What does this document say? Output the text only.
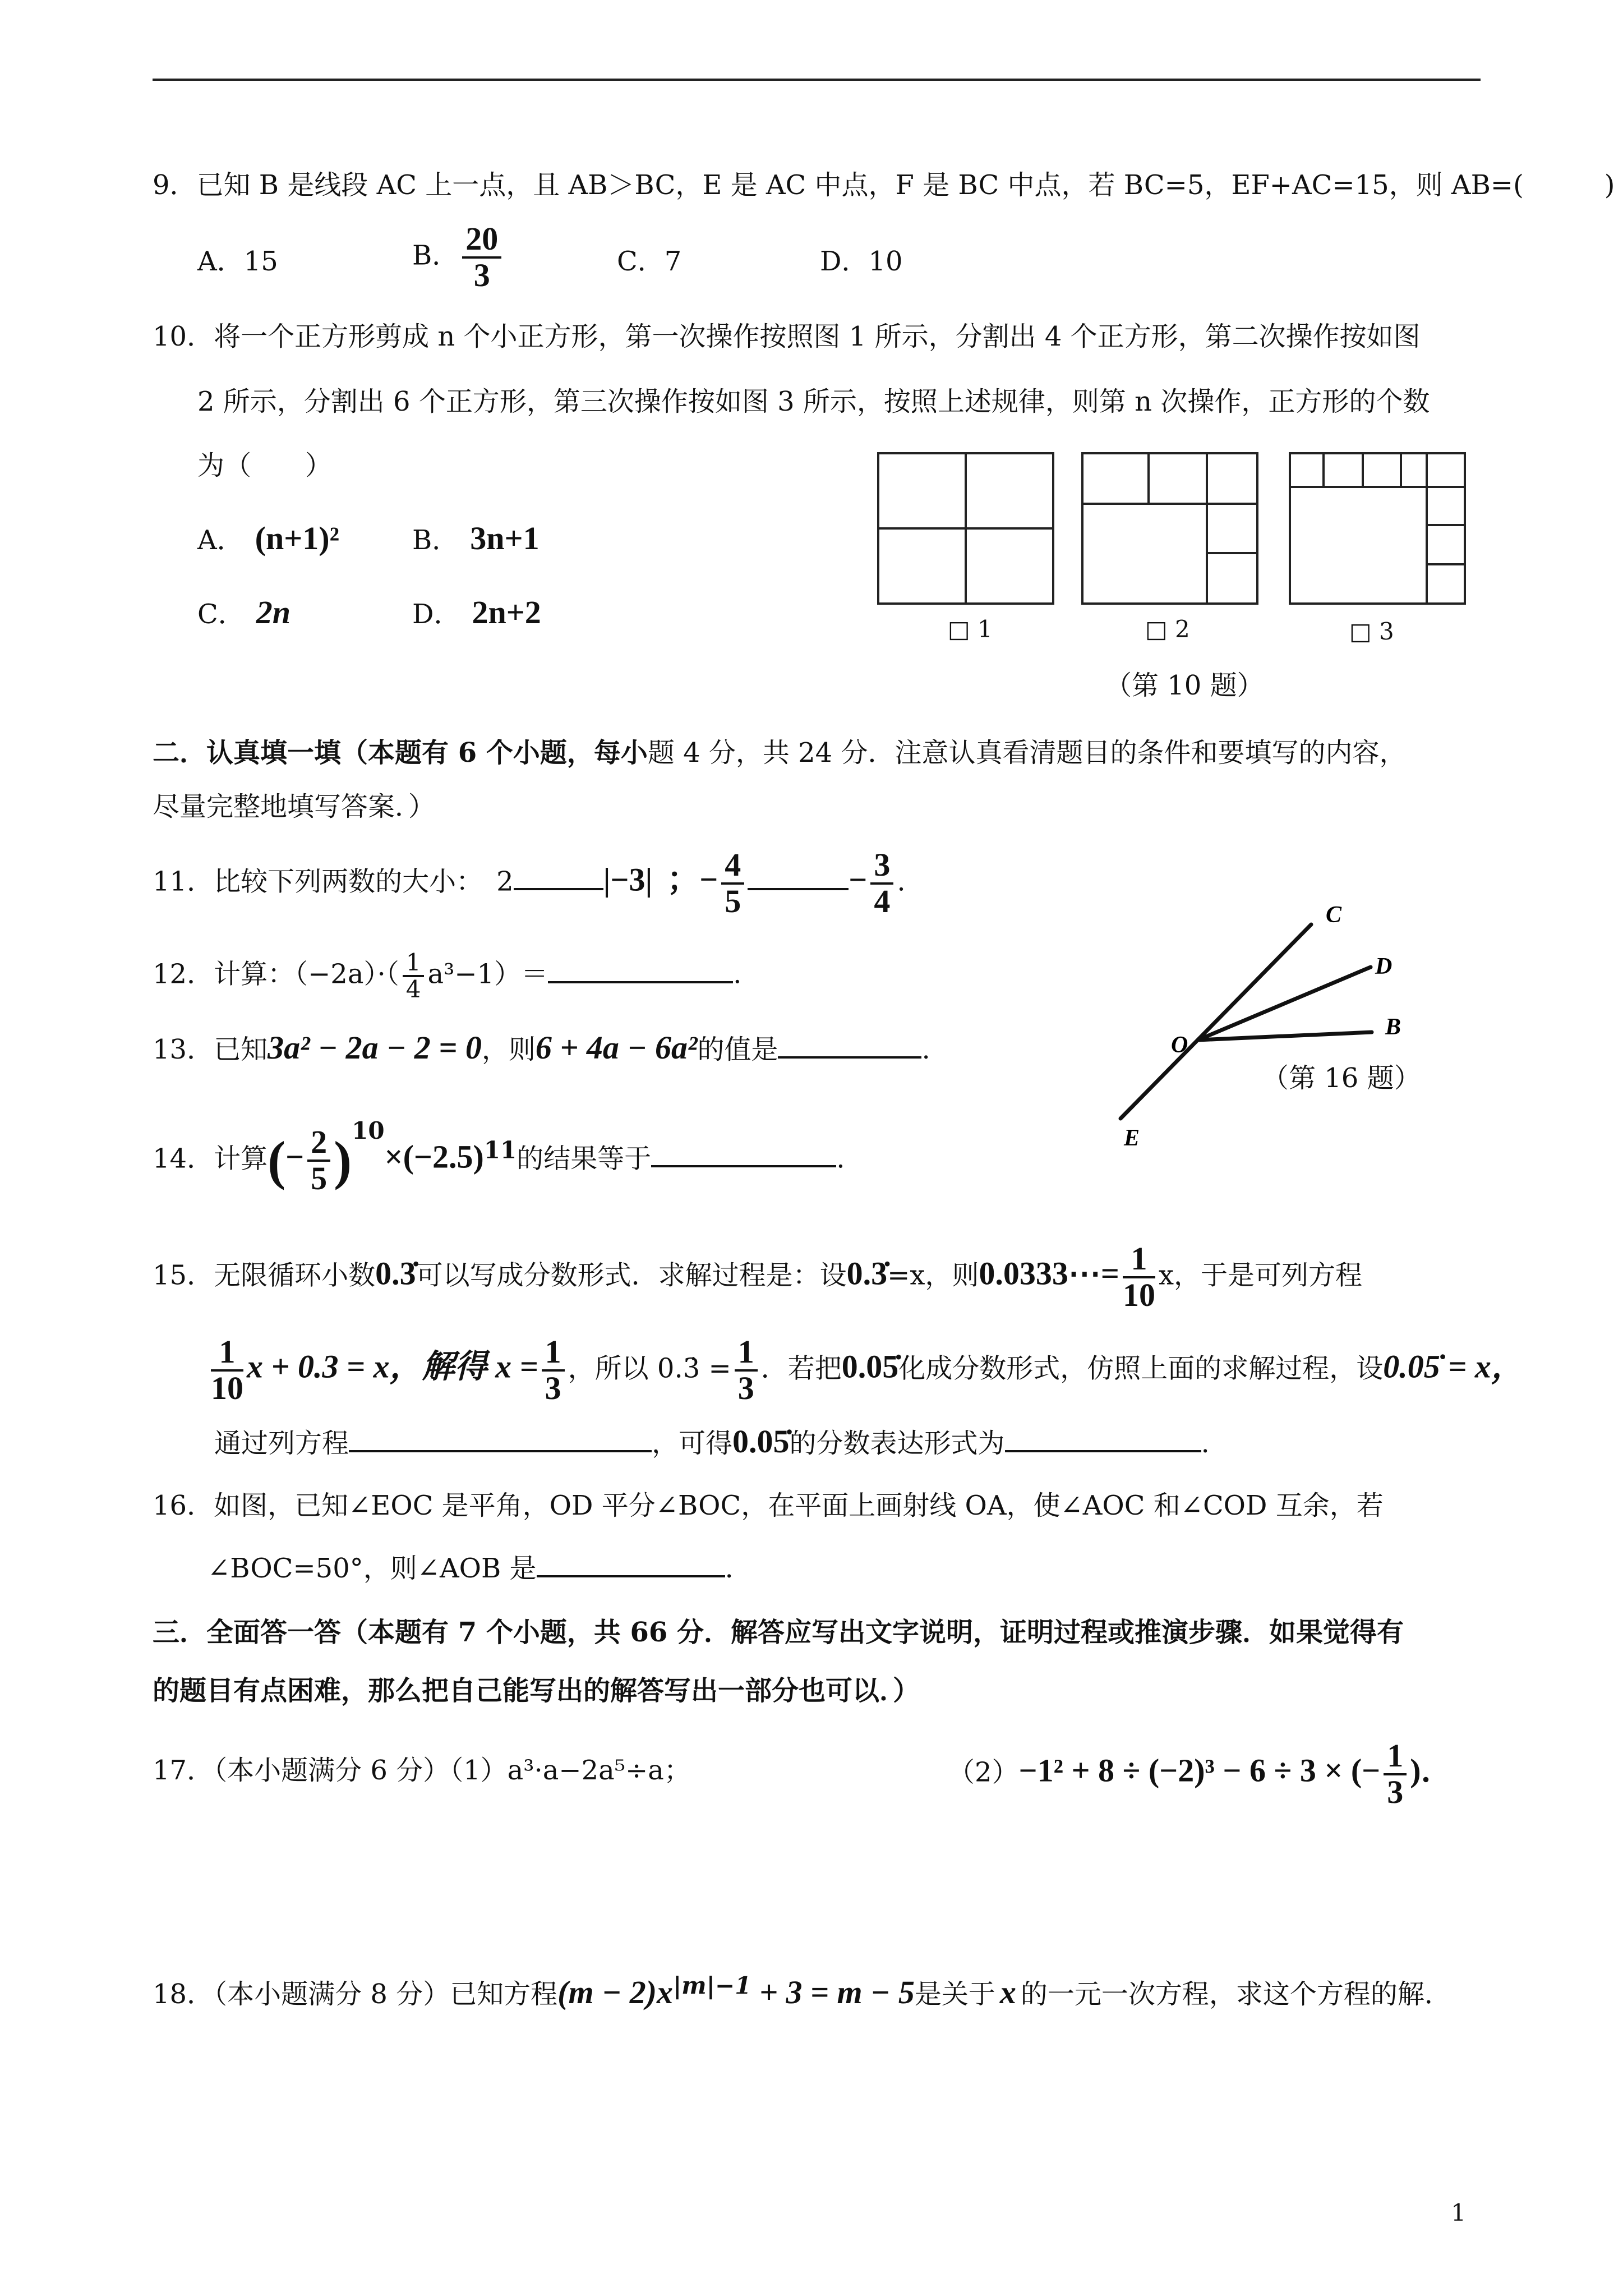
9．已知 B 是线段 AC 上一点，且 AB＞BC，E 是 AC 中点，F 是 BC 中点，若 BC=5，EF+AC=15，则 AB=(　　　)
A．15	B． $\frac{20}{3}$	C．7	D．10
10．将一个正方形剪成 n 个小正方形，第一次操作按照图 1 所示，分割出 4 个正方形，第二次操作按如图
2 所示，分割出 6 个正方形，第三次操作按如图 3 所示，按照上述规律，则第 n 次操作，正方形的个数
为（　　）
A． (n+1)²	B． 3n+1
C． 2n	D． 2n+2	□ 1	□ 2	□ 3
（第 10 题）
二．认真填一填（本题有 6 个小题，每小题 4 分，共 24 分．注意认真看清题目的条件和要填写的内容，
尽量完整地填写答案．）
11．比较下列两数的大小：　2	|−3| ；− $\frac{4}{5}$	− $\frac{3}{4}$ .
12．计算：$(-2a)\cdot( \frac{1}{4} a^3-1)=$	.
13．已知3a² − 2a − 2 = 0，则6 + 4a − 6a²的值是	.
14．计算(− $\frac{2}{5} )^{10}\times(-2.5)^{11}$的结果等于	.
15．无限循环小数0.3̇可以写成分数形式．求解过程是：设0.3̇=x，则0.0333⋯= $\frac{1}{10}$ x，于是可列方程
$\frac{1}{10}$ x + 0.3 = x，解得 $x = \frac{1}{3}$ ，所以 0.3̇ = $\frac{1}{3}$ ．若把0.05̇化成分数形式，仿照上面的求解过程，设0.05̇ = x，
通过列方程	，可得0.05̇的分数表达形式为	.
C
D
B
O
E
（第 16 题）
16．如图，已知∠EOC 是平角，OD 平分∠BOC，在平面上画射线 OA，使∠AOC 和∠COD 互余，若
∠BOC=50°，则∠AOB 是	.
三．全面答一答（本题有 7 个小题，共 66 分．解答应写出文字说明，证明过程或推演步骤．如果觉得有
的题目有点困难，那么把自己能写出的解答写出一部分也可以．）
17．（本小题满分 6 分）（1）a³·a−2a⁵÷a；	（2）−1² + 8 ÷ (−2)³ − 6 ÷ 3 × (− $\frac{1}{3}$ )．
18．（本小题满分 8 分）已知方程$(m - 2)x^{|m|-1} + 3 = m - 5$是关于 x 的一元一次方程，求这个方程的解．
1
